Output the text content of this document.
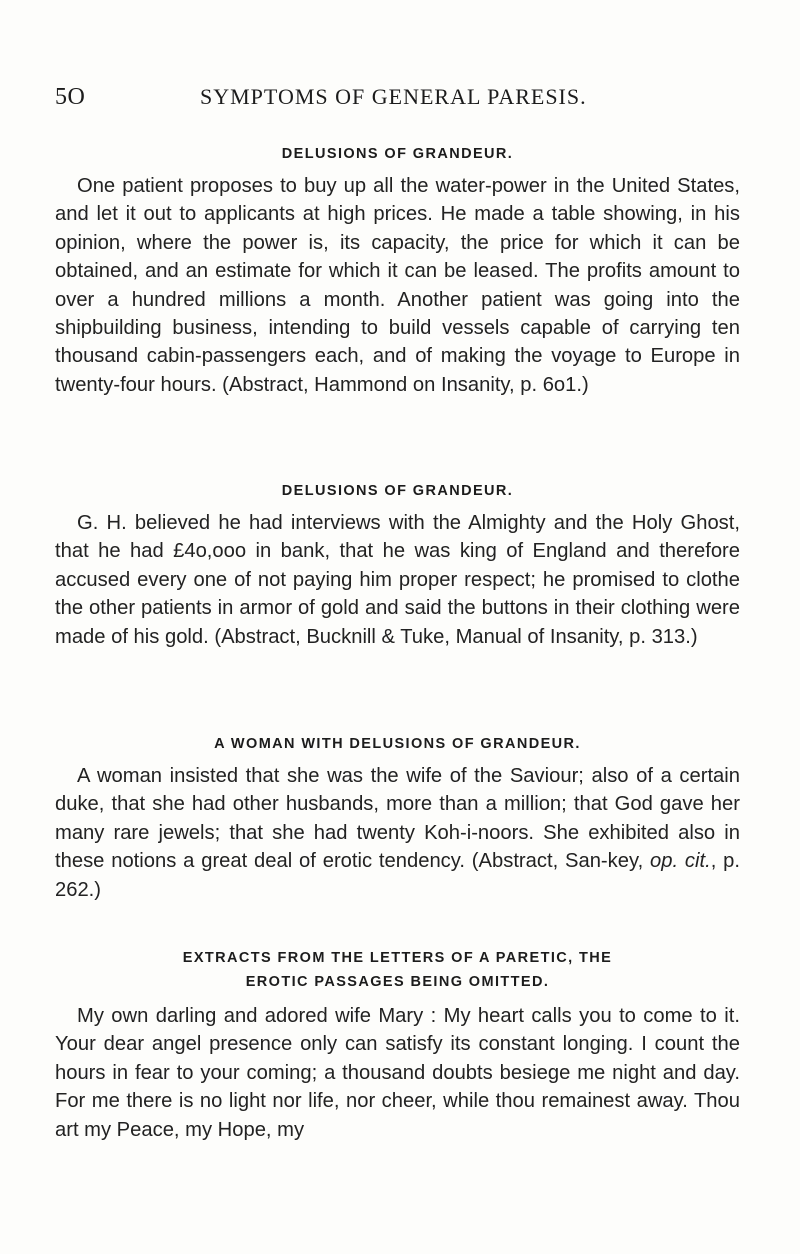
5O	SYMPTOMS OF GENERAL PARESIS.
DELUSIONS OF GRANDEUR.

One patient proposes to buy up all the water-power in the United States, and let it out to applicants at high prices. He made a table showing, in his opinion, where the power is, its capacity, the price for which it can be obtained, and an estimate for which it can be leased. The profits amount to over a hundred millions a month. Another patient was going into the shipbuilding business, intending to build vessels capable of carrying ten thousand cabin-passengers each, and of making the voyage to Europe in twenty-four hours. (Abstract, Hammond on Insanity, p. 6o1.)

DELUSIONS OF GRANDEUR.

G. H. believed he had interviews with the Almighty and the Holy Ghost, that he had £4o,ooo in bank, that he was king of England and therefore accused every one of not paying him proper respect; he promised to clothe the other patients in armor of gold and said the buttons in their clothing were made of his gold. (Abstract, Bucknill & Tuke, Manual of Insanity, p. 313.)

A WOMAN WITH DELUSIONS OF GRANDEUR.

A woman insisted that she was the wife of the Saviour; also of a certain duke, that she had other husbands, more than a million; that God gave her many rare jewels; that she had twenty Koh-i-noors. She exhibited also in these notions a great deal of erotic tendency. (Abstract, San-key, op. cit., p. 262.)

EXTRACTS FROM THE LETTERS OF A PARETIC, THE
EROTIC PASSAGES BEING OMITTED.

My own darling and adored wife Mary : My heart calls you to come to it. Your dear angel presence only can satisfy its constant longing. I count the hours in fear to your coming; a thousand doubts besiege me night and day. For me there is no light nor life, nor cheer, while thou remainest away. Thou art my Peace, my Hope, my
